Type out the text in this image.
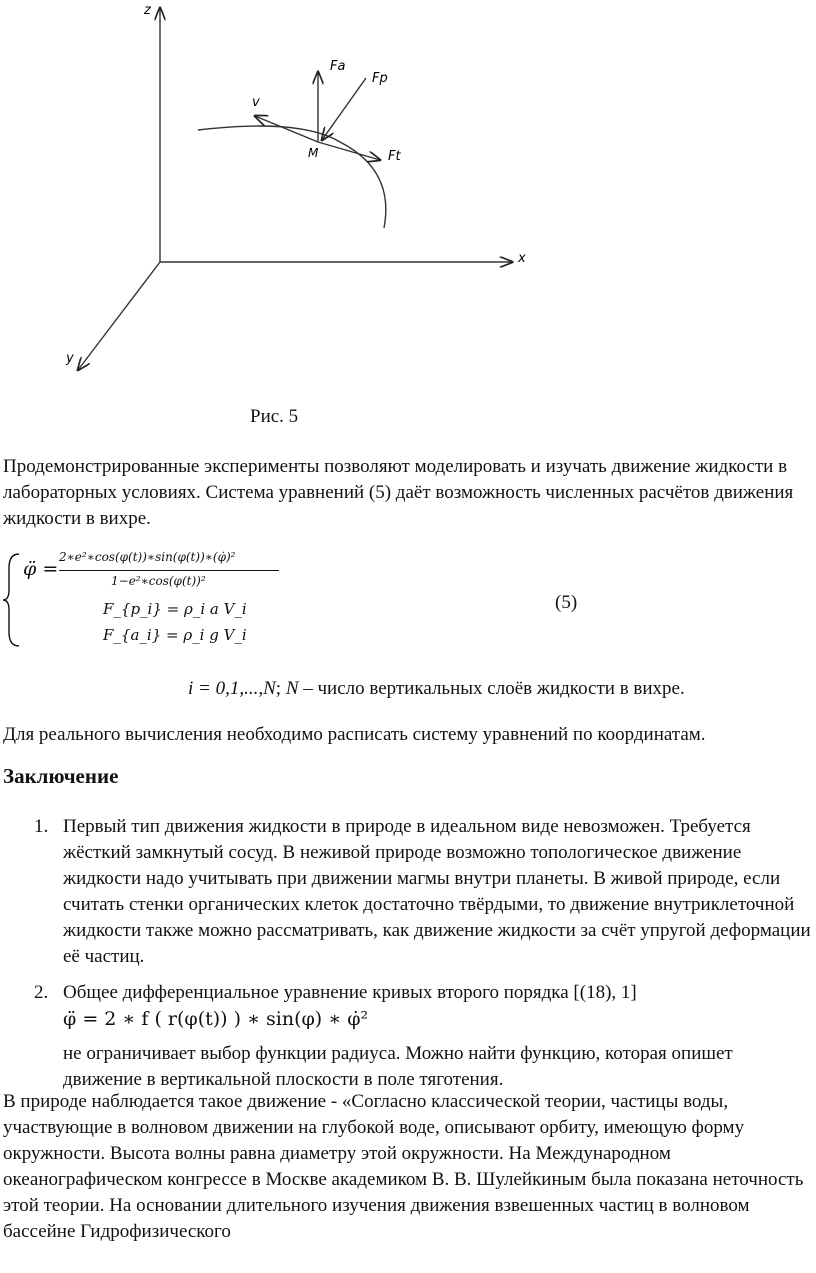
z
x
y
Fa
Fp
v
M	Ft
Рис. 5
Продемонстрированные эксперименты позволяют моделировать и изучать движение жидкости в лабораторных условиях. Система уравнений (5) даёт возможность численных расчётов движения жидкости в вихре.
φ̈ =
2∗e²∗cos(φ(t))∗sin(φ(t))∗(φ̇)²
1−e²∗cos(φ(t))²
F_{p_i} = ρ_i a V_i
F_{a_i} = ρ_i g V_i
(5)
i = 0,1,...,N; N – число вертикальных слоёв жидкости в вихре.
Для реального вычисления необходимо расписать систему уравнений по координатам.
Заключение
1. Первый тип движения жидкости в природе в идеальном виде невозможен. Требуется жёсткий замкнутый сосуд. В неживой природе возможно топологическое движение жидкости надо учитывать при движении магмы внутри планеты. В живой природе, если считать стенки органических клеток достаточно твёрдыми, то движение внутриклеточной жидкости также можно рассматривать, как движение жидкости за счёт упругой деформации её частиц.
2. Общее дифференциальное уравнение кривых второго порядка [(18), 1]
φ̈ = 2 ∗ f ( r(φ(t)) ) ∗ sin(φ) ∗ φ̇²
не ограничивает выбор функции радиуса. Можно найти функцию, которая опишет движение в вертикальной плоскости в поле тяготения.
В природе наблюдается такое движение - «Согласно классической теории, частицы воды, участвующие в волновом движении на глубокой воде, описывают орбиту, имеющую форму окружности. Высота волны равна диаметру этой окружности. На Международном океанографическом конгрессе в Москве академиком В. В. Шулейкиным была показана неточность этой теории. На основании длительного изучения движения взвешенных частиц в волновом бассейне Гидрофизического
